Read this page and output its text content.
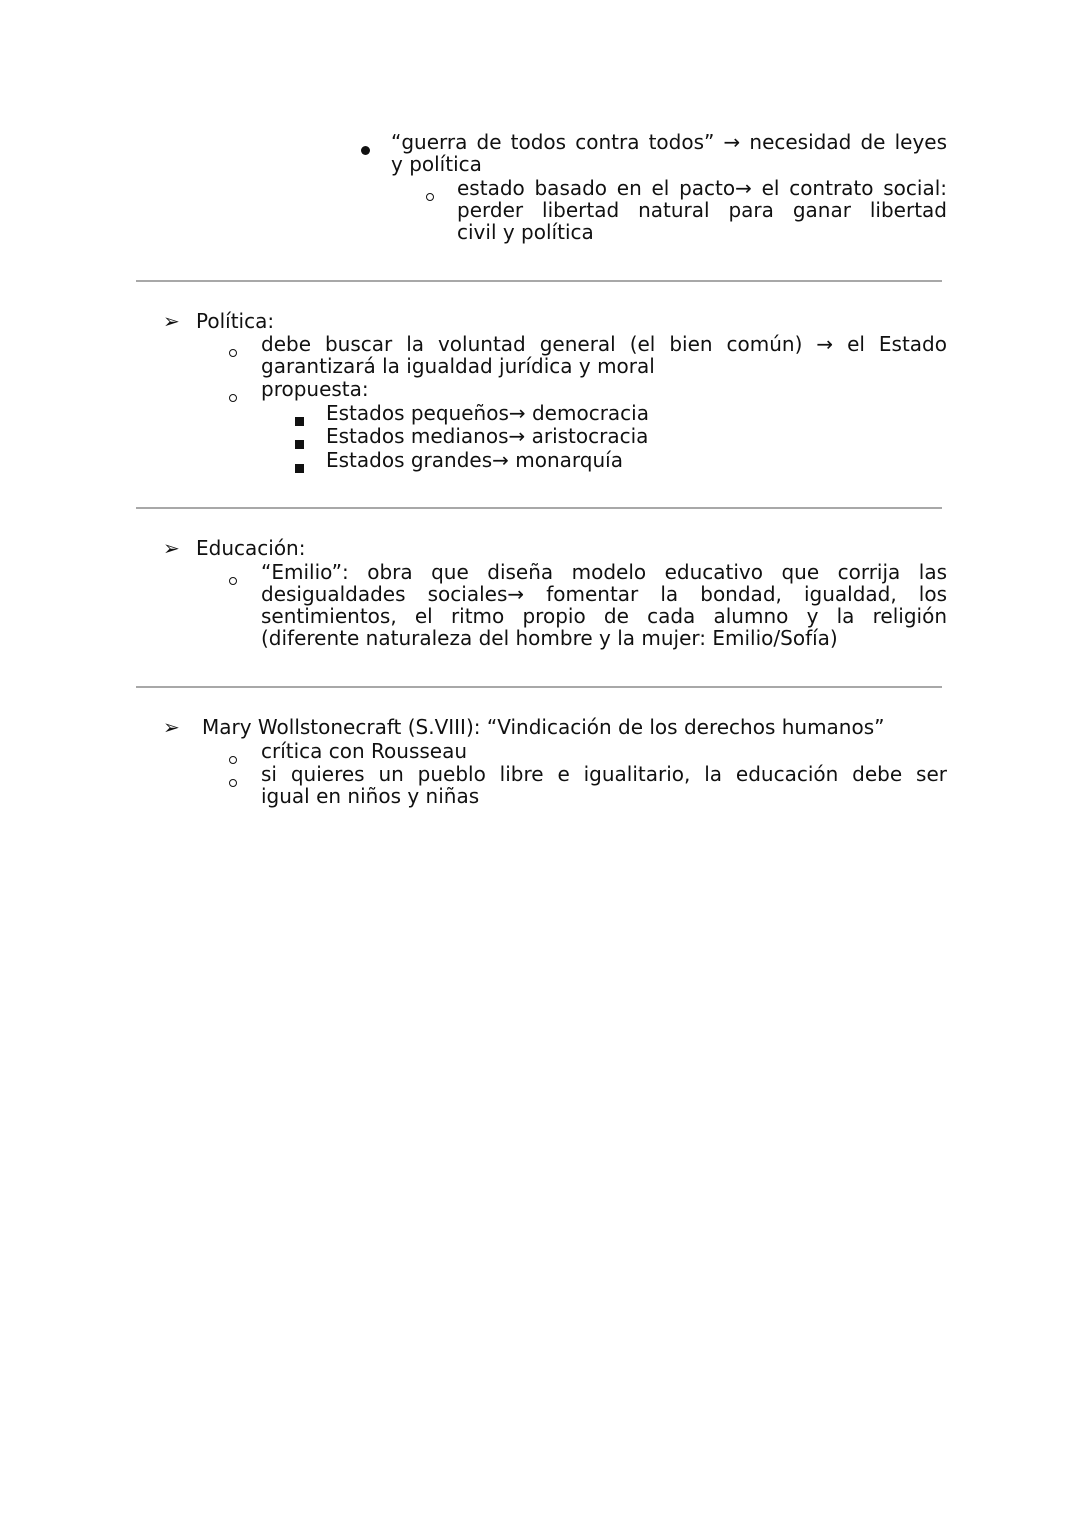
“guerra de todos contra todos” → necesidad de leyes
y política
estado basado en el pacto→ el contrato social:
perder libertad natural para ganar libertad
civil y política
➢ Política:
debe buscar la voluntad general (el bien común) → el Estado
garantizará la igualdad jurídica y moral
propuesta:
Estados pequeños→ democracia
Estados medianos→ aristocracia
Estados grandes→ monarquía
➢ Educación:
“Emilio”: obra que diseña modelo educativo que corrija las
desigualdades sociales→ fomentar la bondad, igualdad, los
sentimientos, el ritmo propio de cada alumno y la religión
(diferente naturaleza del hombre y la mujer: Emilio/Sofía)
➢ Mary Wollstonecraft (S.VIII): “Vindicación de los derechos humanos”
crítica con Rousseau
si quieres un pueblo libre e igualitario, la educación debe ser
igual en niños y niñas
